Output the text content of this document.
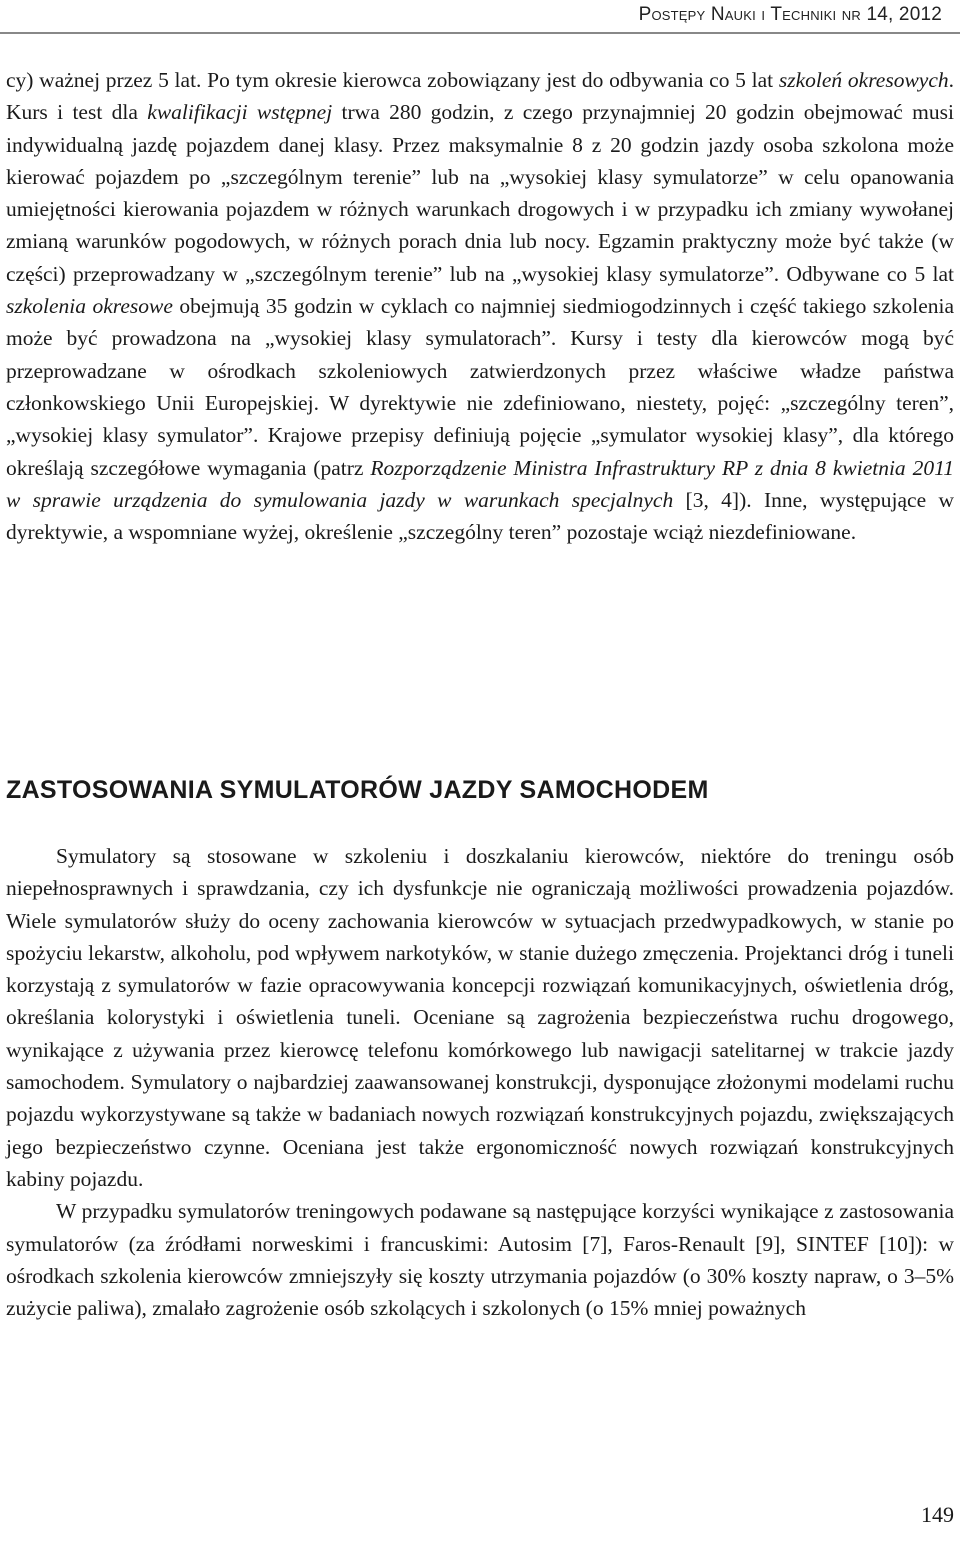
Postępy Nauki i Techniki nr 14, 2012

cy) ważnej przez 5 lat. Po tym okresie kierowca zobowiązany jest do odbywania co 5 lat szkoleń okresowych. Kurs i test dla kwalifikacji wstępnej trwa 280 godzin, z czego przynajmniej 20 godzin obejmować musi indywidualną jazdę pojazdem danej klasy. Przez maksymalnie 8 z 20 godzin jazdy osoba szkolona może kierować pojazdem po „szczególnym terenie” lub na „wysokiej klasy symulatorze” w celu opanowania umiejętności kierowania pojazdem w różnych warunkach drogowych i w przypadku ich zmiany wywołanej zmianą warunków pogodowych, w różnych porach dnia lub nocy. Egzamin praktyczny może być także (w części) przeprowadzany w „szczególnym terenie” lub na „wysokiej klasy symulatorze”. Odbywane co 5 lat szkolenia okresowe obejmują 35 godzin w cyklach co najmniej siedmiogodzinnych i część takiego szkolenia może być prowadzona na „wysokiej klasy symulatorach”. Kursy i testy dla kierowców mogą być przeprowadzane w ośrodkach szkoleniowych zatwierdzonych przez właściwe władze państwa członkowskiego Unii Europejskiej. W dyrektywie nie zdefiniowano, niestety, pojęć: „szczególny teren”, „wysokiej klasy symulator”. Krajowe przepisy definiują pojęcie „symulator wysokiej klasy”, dla którego określają szczegółowe wymagania (patrz Rozporządzenie Ministra Infrastruktury RP z dnia 8 kwietnia 2011 w sprawie urządzenia do symulowania jazdy w warunkach specjalnych [3, 4]). Inne, występujące w dyrektywie, a wspomniane wyżej, określenie „szczególny teren” pozostaje wciąż niezdefiniowane.

ZASTOSOWANIA SYMULATORÓW JAZDY SAMOCHODEM

Symulatory są stosowane w szkoleniu i doszkalaniu kierowców, niektóre do treningu osób niepełnosprawnych i sprawdzania, czy ich dysfunkcje nie ograniczają możliwości prowadzenia pojazdów. Wiele symulatorów służy do oceny zachowania kierowców w sytuacjach przedwypadkowych, w stanie po spożyciu lekarstw, alkoholu, pod wpływem narkotyków, w stanie dużego zmęczenia. Projektanci dróg i tuneli korzystają z symulatorów w fazie opracowywania koncepcji rozwiązań komunikacyjnych, oświetlenia dróg, określania kolorystyki i oświetlenia tuneli. Oceniane są zagrożenia bezpieczeństwa ruchu drogowego, wynikające z używania przez kierowcę telefonu komórkowego lub nawigacji satelitarnej w trakcie jazdy samochodem. Symulatory o najbardziej zaawansowanej konstrukcji, dysponujące złożonymi modelami ruchu pojazdu wykorzystywane są także w badaniach nowych rozwiązań konstrukcyjnych pojazdu, zwiększających jego bezpieczeństwo czynne. Oceniana jest także ergonomiczność nowych rozwiązań konstrukcyjnych kabiny pojazdu.

W przypadku symulatorów treningowych podawane są następujące korzyści wynikające z zastosowania symulatorów (za źródłami norweskimi i francuskimi: Autosim [7], Faros-Renault [9], SINTEF [10]): w ośrodkach szkolenia kierowców zmniejszyły się koszty utrzymania pojazdów (o 30% koszty napraw, o 3–5% zużycie paliwa), zmalało zagrożenie osób szkolących i szkolonych (o 15% mniej poważnych

149
